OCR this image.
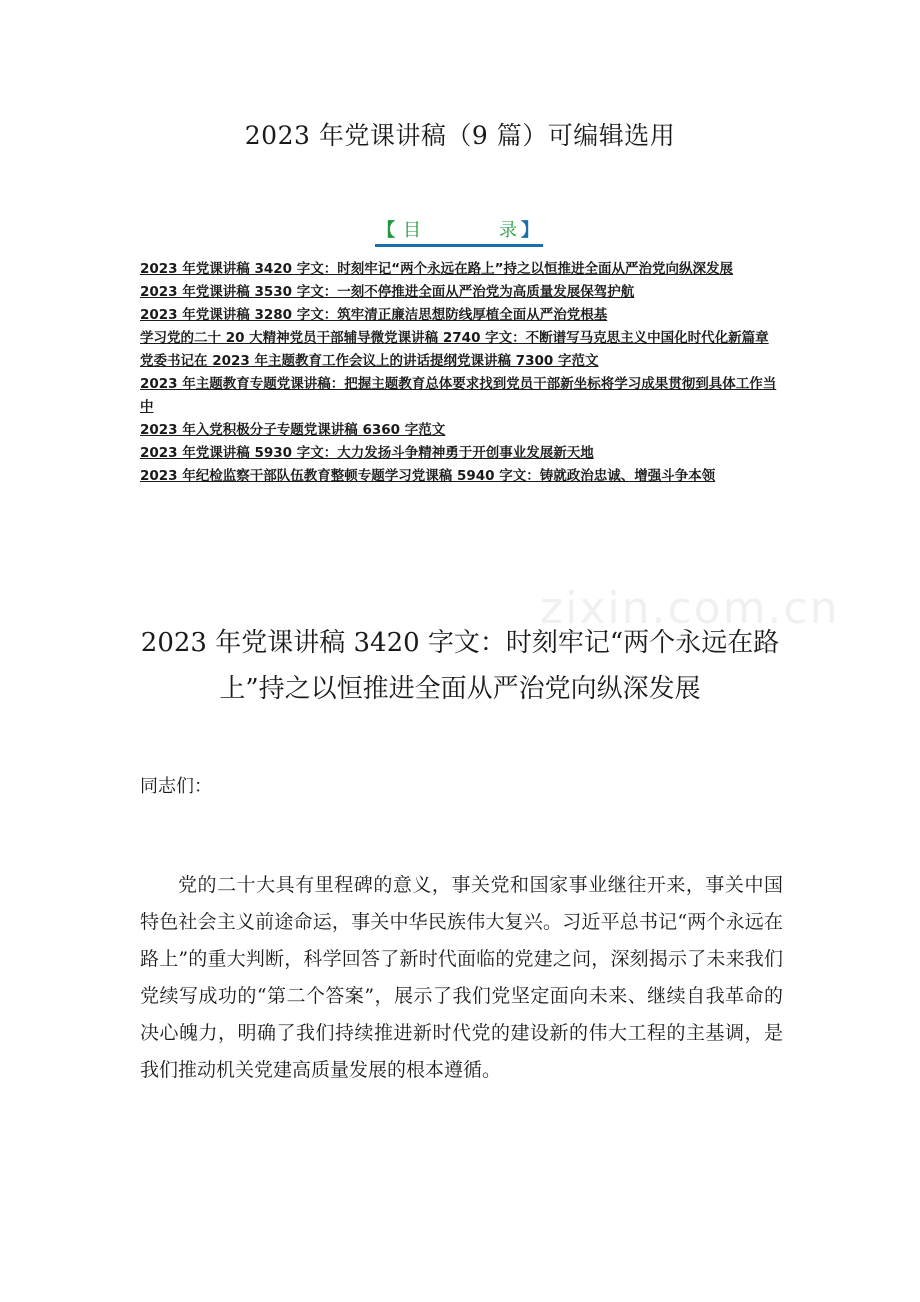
2023 年党课讲稿（9 篇）可编辑选用
【 目	录 】
2023 年党课讲稿 3420 字文：时刻牢记“两个永远在路上”持之以恒推进全面从严治党向纵深发展
2023 年党课讲稿 3530 字文：一刻不停推进全面从严治党为高质量发展保驾护航
2023 年党课讲稿 3280 字文：筑牢清正廉洁思想防线厚植全面从严治党根基
学习党的二十 20 大精神党员干部辅导微党课讲稿 2740 字文：不断谱写马克思主义中国化时代化新篇章
党委书记在 2023 年主题教育工作会议上的讲话提纲党课讲稿 7300 字范文
2023 年主题教育专题党课讲稿：把握主题教育总体要求找到党员干部新坐标将学习成果贯彻到具体工作当中
2023 年入党积极分子专题党课讲稿 6360 字范文
2023 年党课讲稿 5930 字文：大力发扬斗争精神勇于开创事业发展新天地
2023 年纪检监察干部队伍教育整顿专题学习党课稿 5940 字文：铸就政治忠诚、增强斗争本领
zixin.com.cn
2023 年党课讲稿 3420 字文：时刻牢记“两个永远在路上”持之以恒推进全面从严治党向纵深发展
同志们：

党的二十大具有里程碑的意义，事关党和国家事业继往开来，事关中国特色社会主义前途命运，事关中华民族伟大复兴。习近平总书记“两个永远在路上”的重大判断，科学回答了新时代面临的党建之问，深刻揭示了未来我们党续写成功的“第二个答案”，展示了我们党坚定面向未来、继续自我革命的决心魄力，明确了我们持续推进新时代党的建设新的伟大工程的主基调，是我们推动机关党建高质量发展的根本遵循。
